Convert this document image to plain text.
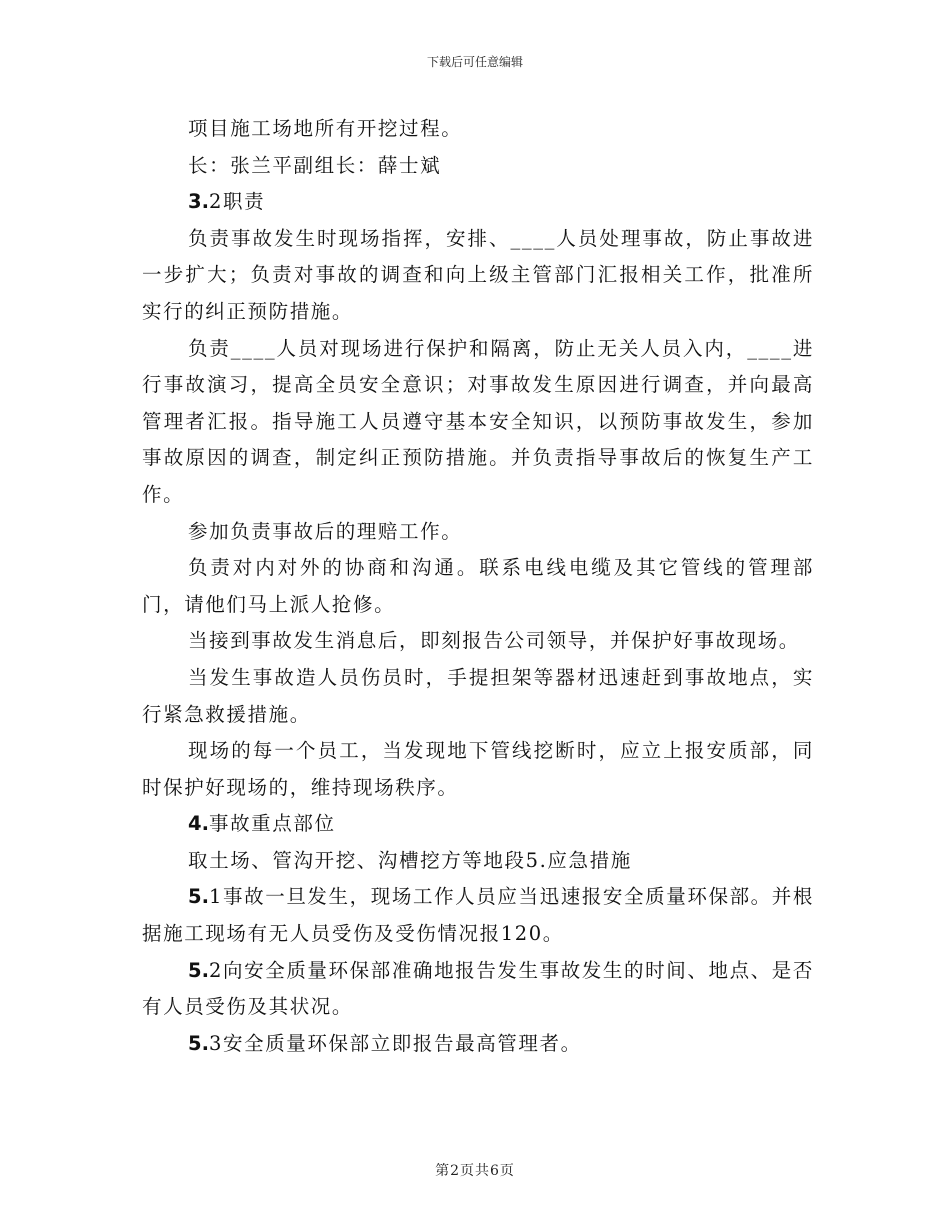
下载后可任意编辑

项目施工场地所有开挖过程。

长：张兰平副组长：薛士斌

3.2职责

负责事故发生时现场指挥，安排、____人员处理事故，防止事故进一步扩大；负责对事故的调查和向上级主管部门汇报相关工作，批准所实行的纠正预防措施。

负责____人员对现场进行保护和隔离，防止无关人员入内，____进行事故演习，提高全员安全意识；对事故发生原因进行调查，并向最高管理者汇报。指导施工人员遵守基本安全知识，以预防事故发生，参加事故原因的调查，制定纠正预防措施。并负责指导事故后的恢复生产工作。

参加负责事故后的理赔工作。

负责对内对外的协商和沟通。联系电线电缆及其它管线的管理部门，请他们马上派人抢修。

当接到事故发生消息后，即刻报告公司领导，并保护好事故现场。

当发生事故造人员伤员时，手提担架等器材迅速赶到事故地点，实行紧急救援措施。

现场的每一个员工，当发现地下管线挖断时，应立上报安质部，同时保护好现场的，维持现场秩序。

4.事故重点部位

取土场、管沟开挖、沟槽挖方等地段5.应急措施

5.1事故一旦发生，现场工作人员应当迅速报安全质量环保部。并根据施工现场有无人员受伤及受伤情况报120。

5.2向安全质量环保部准确地报告发生事故发生的时间、地点、是否有人员受伤及其状况。

5.3安全质量环保部立即报告最高管理者。

第2页共6页
